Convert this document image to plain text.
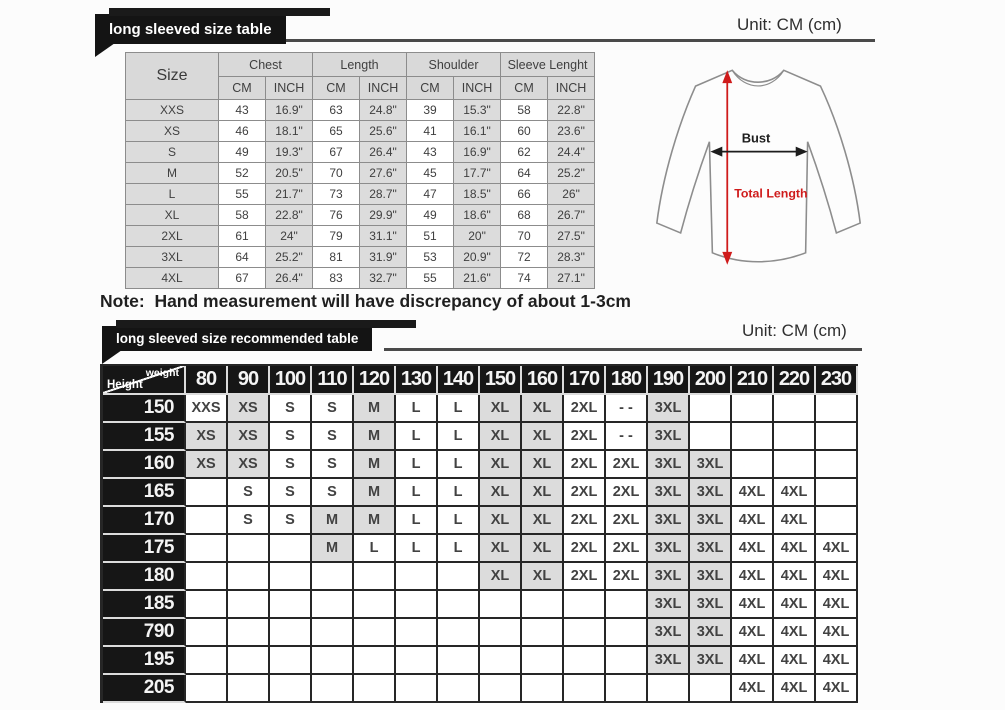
long sleeved size table	Unit: CM (cm)
Size	Chest		Length		Shoulder		Sleeve Lenght	
	CM	INCH	CM	INCH	CM	INCH	CM	INCH
XXS	43	16.9"	63	24.8"	39	15.3"	58	22.8"
XS	46	18.1"	65	25.6"	41	16.1"	60	23.6"
S	49	19.3"	67	26.4"	43	16.9"	62	24.4"
M	52	20.5"	70	27.6"	45	17.7"	64	25.2"
L	55	21.7"	73	28.7"	47	18.5"	66	26"
XL	58	22.8"	76	29.9"	49	18.6"	68	26.7"
2XL	61	24"	79	31.1"	51	20"	70	27.5"
3XL	64	25.2"	81	31.9"	53	20.9"	72	28.3"
4XL	67	26.4"	83	32.7"	55	21.6"	74	27.1"
Note:  Hand measurement will have discrepancy of about 1-3cm
Bust
Total Length
long sleeved size recommended table	Unit: CM (cm)
weight
Height	80	90	100	110	120	130	140	150	160	170	180	190	200	210	220	230
150	XXS	XS	S	S	M	L	L	XL	XL	2XL	- -	3XL				
155	XS	XS	S	S	M	L	L	XL	XL	2XL	- -	3XL				
160	XS	XS	S	S	M	L	L	XL	XL	2XL	2XL	3XL	3XL			
165		S	S	S	M	L	L	XL	XL	2XL	2XL	3XL	3XL	4XL	4XL	
170		S	S	M	M	L	L	XL	XL	2XL	2XL	3XL	3XL	4XL	4XL	
175				M	L	L	L	XL	XL	2XL	2XL	3XL	3XL	4XL	4XL	4XL
180								XL	XL	2XL	2XL	3XL	3XL	4XL	4XL	4XL
185												3XL	3XL	4XL	4XL	4XL
790												3XL	3XL	4XL	4XL	4XL
195												3XL	3XL	4XL	4XL	4XL
205														4XL	4XL	4XL
